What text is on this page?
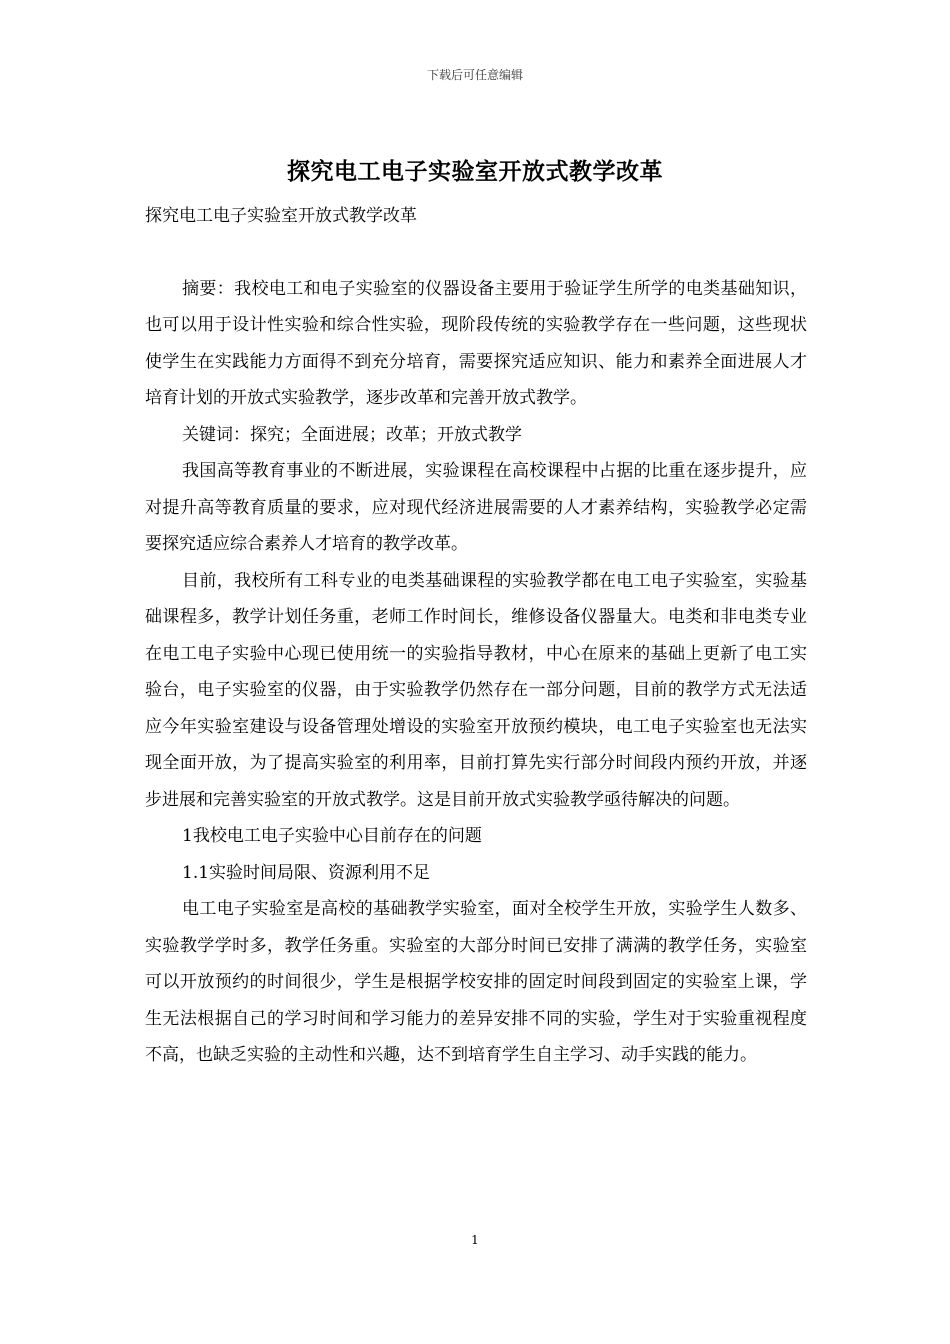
下载后可任意编辑
探究电工电子实验室开放式教学改革

探究电工电子实验室开放式教学改革

摘要：我校电工和电子实验室的仪器设备主要用于验证学生所学的电类基础知识，也可以用于设计性实验和综合性实验，现阶段传统的实验教学存在一些问题，这些现状使学生在实践能力方面得不到充分培育，需要探究适应知识、能力和素养全面进展人才培育计划的开放式实验教学，逐步改革和完善开放式教学。

关键词：探究；全面进展；改革；开放式教学

我国高等教育事业的不断进展，实验课程在高校课程中占据的比重在逐步提升，应对提升高等教育质量的要求，应对现代经济进展需要的人才素养结构，实验教学必定需要探究适应综合素养人才培育的教学改革。

目前，我校所有工科专业的电类基础课程的实验教学都在电工电子实验室，实验基础课程多，教学计划任务重，老师工作时间长，维修设备仪器量大。电类和非电类专业在电工电子实验中心现已使用统一的实验指导教材，中心在原来的基础上更新了电工实验台，电子实验室的仪器，由于实验教学仍然存在一部分问题，目前的教学方式无法适应今年实验室建设与设备管理处增设的实验室开放预约模块，电工电子实验室也无法实现全面开放，为了提高实验室的利用率，目前打算先实行部分时间段内预约开放，并逐步进展和完善实验室的开放式教学。这是目前开放式实验教学亟待解决的问题。

1我校电工电子实验中心目前存在的问题

1.1实验时间局限、资源利用不足

电工电子实验室是高校的基础教学实验室，面对全校学生开放，实验学生人数多、实验教学学时多，教学任务重。实验室的大部分时间已安排了满满的教学任务，实验室可以开放预约的时间很少，学生是根据学校安排的固定时间段到固定的实验室上课，学生无法根据自己的学习时间和学习能力的差异安排不同的实验，学生对于实验重视程度不高，也缺乏实验的主动性和兴趣，达不到培育学生自主学习、动手实践的能力。

1
